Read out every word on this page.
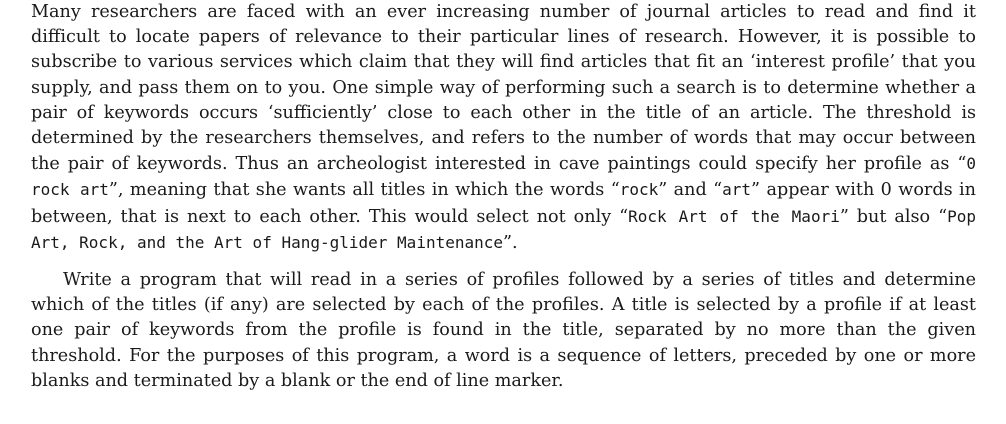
Many researchers are faced with an ever increasing number of journal articles to read and find it difficult to locate papers of relevance to their particular lines of research. However, it is possible to subscribe to various services which claim that they will find articles that fit an ‘interest profile’ that you supply, and pass them on to you. One simple way of performing such a search is to determine whether a pair of keywords occurs ‘sufficiently’ close to each other in the title of an article. The threshold is determined by the researchers themselves, and refers to the number of words that may occur between the pair of keywords. Thus an archeologist interested in cave paintings could specify her profile as “0 rock art”, meaning that she wants all titles in which the words “rock” and “art” appear with 0 words in between, that is next to each other. This would select not only “Rock Art of the Maori” but also “Pop Art, Rock, and the Art of Hang-glider Maintenance”.

Write a program that will read in a series of profiles followed by a series of titles and determine which of the titles (if any) are selected by each of the profiles. A title is selected by a profile if at least one pair of keywords from the profile is found in the title, separated by no more than the given threshold. For the purposes of this program, a word is a sequence of letters, preceded by one or more blanks and terminated by a blank or the end of line marker.
